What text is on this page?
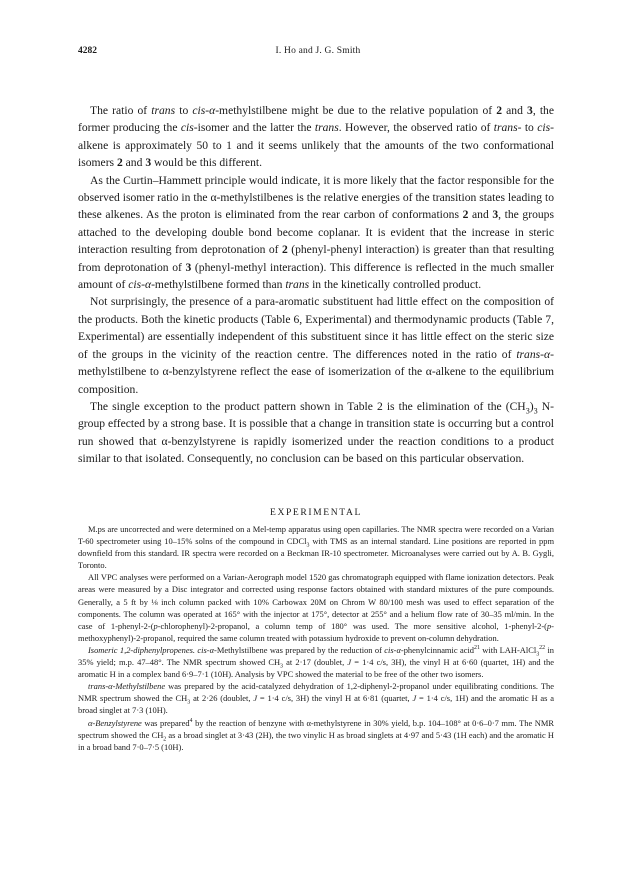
4282	I. Ho and J. G. Smith

The ratio of trans to cis-α-methylstilbene might be due to the relative population of 2 and 3, the former producing the cis-isomer and the latter the trans. However, the observed ratio of trans- to cis-alkene is approximately 50 to 1 and it seems unlikely that the amounts of the two conformational isomers 2 and 3 would be this different.

As the Curtin–Hammett principle would indicate, it is more likely that the factor responsible for the observed isomer ratio in the α-methylstilbenes is the relative energies of the transition states leading to these alkenes. As the proton is eliminated from the rear carbon of conformations 2 and 3, the groups attached to the developing double bond become coplanar. It is evident that the increase in steric interaction resulting from deprotonation of 2 (phenyl-phenyl interaction) is greater than that resulting from deprotonation of 3 (phenyl-methyl interaction). This difference is reflected in the much smaller amount of cis-α-methylstilbene formed than trans in the kinetically controlled product.

Not surprisingly, the presence of a para-aromatic substituent had little effect on the composition of the products. Both the kinetic products (Table 6, Experimental) and thermodynamic products (Table 7, Experimental) are essentially independent of this substituent since it has little effect on the steric size of the groups in the vicinity of the reaction centre. The differences noted in the ratio of trans-α-methylstilbene to α-benzylstyrene reflect the ease of isomerization of the α-alkene to the equilibrium composition.

The single exception to the product pattern shown in Table 2 is the elimination of the $(CH_3)_3$ N-group effected by a strong base. It is possible that a change in transition state is occurring but a control run showed that α-benzylstyrene is rapidly isomerized under the reaction conditions to a product similar to that isolated. Consequently, no conclusion can be based on this particular observation.

EXPERIMENTAL

M.ps are uncorrected and were determined on a Mel-temp apparatus using open capillaries. The NMR spectra were recorded on a Varian T-60 spectrometer using 10–15% solns of the compound in CDCl$_3$ with TMS as an internal standard. Line positions are reported in ppm downfield from this standard. IR spectra were recorded on a Beckman IR-10 spectrometer. Microanalyses were carried out by A. B. Gygli, Toronto.

All VPC analyses were performed on a Varian-Aerograph model 1520 gas chromatograph equipped with flame ionization detectors. Peak areas were measured by a Disc integrator and corrected using response factors obtained with standard mixtures of the pure compounds. Generally, a 5 ft by ⅛ inch column packed with 10% Carbowax 20M on Chrom W 80/100 mesh was used to effect separation of the components. The column was operated at 165° with the injector at 175°, detector at 255° and a helium flow rate of 30–35 ml/min. In the case of 1-phenyl-2-(p-chlorophenyl)-2-propanol, a column temp of 180° was used. The more sensitive alcohol, 1-phenyl-2-(p-methoxyphenyl)-2-propanol, required the same column treated with potassium hydroxide to prevent on-column dehydration.

Isomeric 1,2-diphenylpropenes. cis-α-Methylstilbene was prepared by the reduction of cis-α-phenylcinnamic acid$^{21}$ with LAH-AlCl$_3^{22}$ in 35% yield; m.p. 47–48°. The NMR spectrum showed $CH_3$ at 2·17 (doublet, J = 1·4 c/s, 3H), the vinyl H at 6·60 (quartet, 1H) and the aromatic H in a complex band 6·9–7·1 (10H). Analysis by VPC showed the material to be free of the other two isomers.

trans-α-Methylstilbene was prepared by the acid-catalyzed dehydration of 1,2-diphenyl-2-propanol under equilibrating conditions. The NMR spectrum showed the $CH_3$ at 2·26 (doublet, J = 1·4 c/s, 3H) the vinyl H at 6·81 (quartet, J = 1·4 c/s, 1H) and the aromatic H as a broad singlet at 7·3 (10H).

α-Benzylstyrene was prepared$^4$ by the reaction of benzyne with α-methylstyrene in 30% yield, b.p. 104–108° at 0·6–0·7 mm. The NMR spectrum showed the $CH_2$ as a broad singlet at 3·43 (2H), the two vinylic H as broad singlets at 4·97 and 5·43 (1H each) and the aromatic H in a broad band 7·0–7·5 (10H).
